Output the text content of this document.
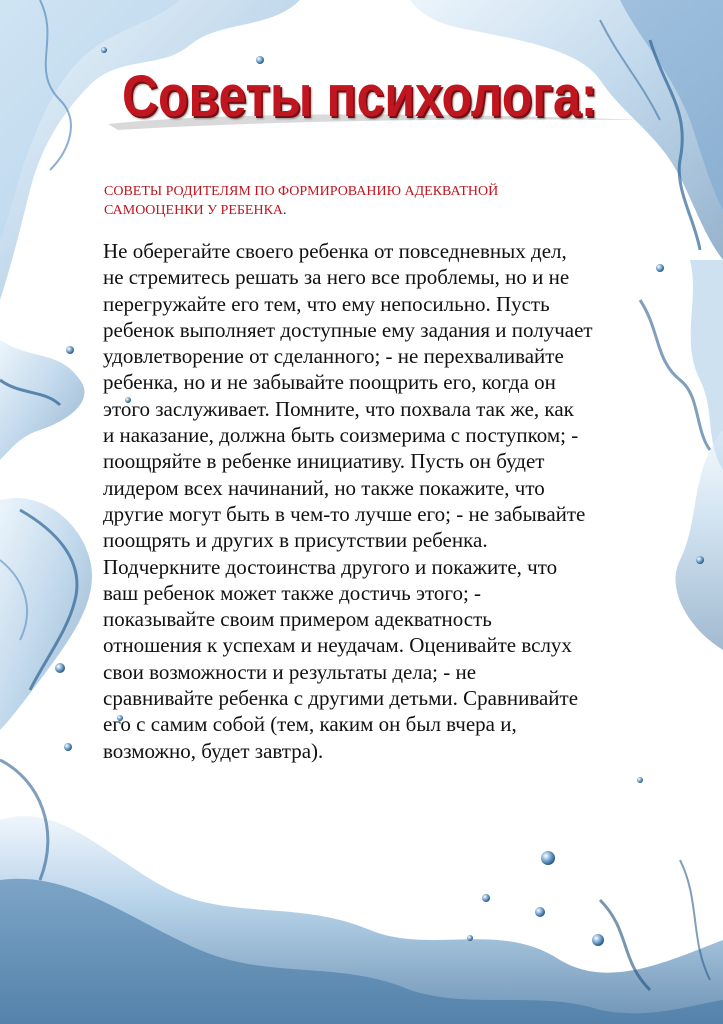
Советы психолога:

СОВЕТЫ РОДИТЕЛЯМ ПО ФОРМИРОВАНИЮ АДЕКВАТНОЙ
САМООЦЕНКИ У РЕБЕНКА.

Не оберегайте своего ребенка от повседневных дел,
не стремитесь решать за него все проблемы, но и не
перегружайте его тем, что ему непосильно. Пусть
ребенок выполняет доступные ему задания и получает
удовлетворение от сделанного; - не перехваливайте
ребенка, но и не забывайте поощрить его, когда он
этого заслуживает. Помните, что похвала так же, как
и наказание, должна быть соизмерима с поступком; -
поощряйте в ребенке инициативу. Пусть он будет
лидером всех начинаний, но также покажите, что
другие могут быть в чем-то лучше его; - не забывайте
поощрять и других в присутствии ребенка.
Подчеркните достоинства другого и покажите, что
ваш ребенок может также достичь этого; -
показывайте своим примером адекватность
отношения к успехам и неудачам. Оценивайте вслух
свои возможности и результаты дела; - не
сравнивайте ребенка с другими детьми. Сравнивайте
его с самим собой (тем, каким он был вчера и,
возможно, будет завтра).
